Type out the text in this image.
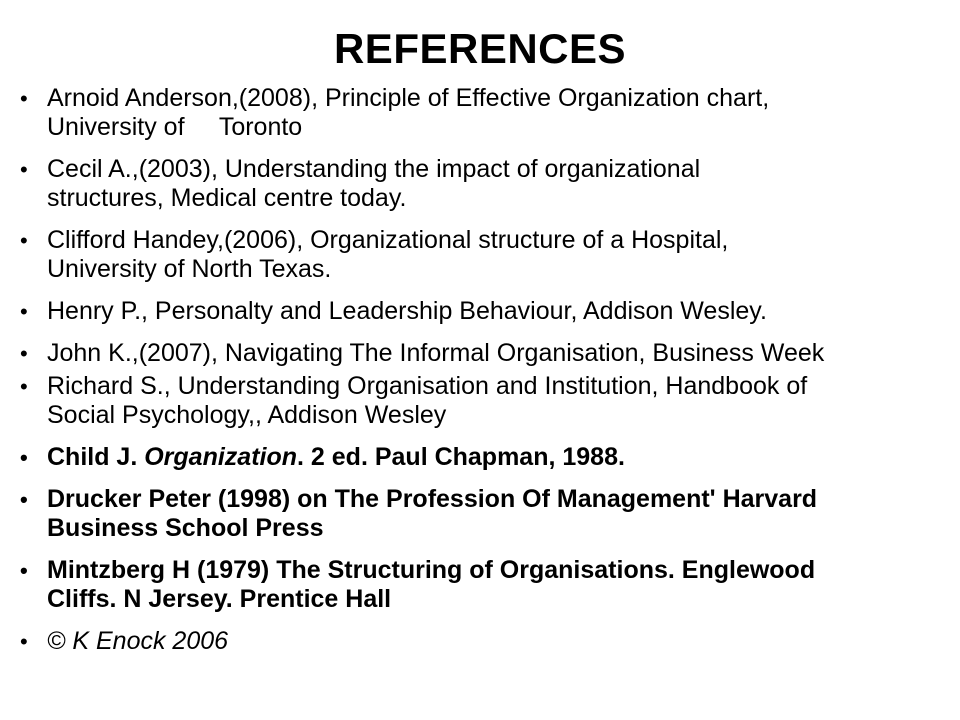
REFERENCES
• Arnoid Anderson,(2008), Principle of Effective Organization chart,
University of     Toronto
• Cecil A.,(2003), Understanding the impact of organizational
structures, Medical centre today.
• Clifford Handey,(2006), Organizational structure of a Hospital,
University of North Texas.
• Henry P., Personalty and Leadership Behaviour, Addison Wesley.
• John K.,(2007), Navigating The Informal Organisation, Business Week
• Richard S., Understanding Organisation and Institution, Handbook of
Social Psychology,, Addison Wesley
• Child J. Organization. 2 ed. Paul Chapman, 1988.
• Drucker Peter (1998) on The Profession Of Management' Harvard
Business School Press
• Mintzberg H (1979) The Structuring of Organisations. Englewood
Cliffs. N Jersey. Prentice Hall
• © K Enock 2006
